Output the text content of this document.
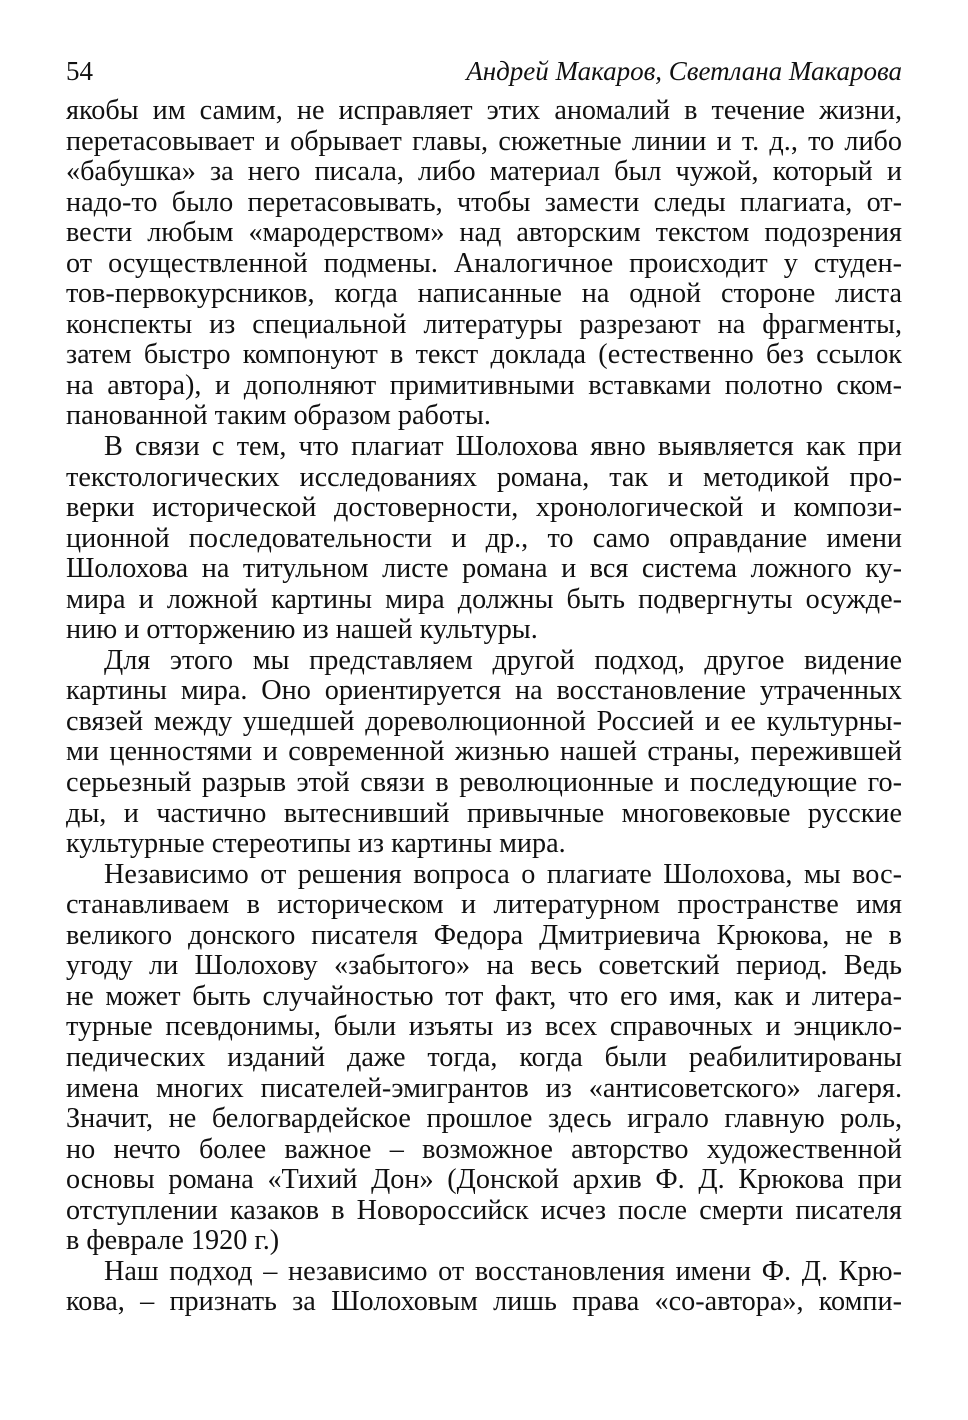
54	Андрей Макаров, Светлана Макарова
якобы им самим, не исправляет этих аномалий в течение жизни,
перетасовывает и обрывает главы, сюжетные линии и т. д., то либо
«бабушка» за него писала, либо материал был чужой, который и
надо-то было перетасовывать, чтобы замести следы плагиата, от-
вести любым «мародерством» над авторским текстом подозрения
от осуществленной подмены. Аналогичное происходит у студен-
тов-первокурсников, когда написанные на одной стороне листа
конспекты из специальной литературы разрезают на фрагменты,
затем быстро компонуют в текст доклада (естественно без ссылок
на автора), и дополняют примитивными вставками полотно ском-
панованной таким образом работы.
В связи с тем, что плагиат Шолохова явно выявляется как при
текстологических исследованиях романа, так и методикой про-
верки исторической достоверности, хронологической и компози-
ционной последовательности и др., то само оправдание имени
Шолохова на титульном листе романа и вся система ложного ку-
мира и ложной картины мира должны быть подвергнуты осужде-
нию и отторжению из нашей культуры.
Для этого мы представляем другой подход, другое видение
картины мира. Оно ориентируется на восстановление утраченных
связей между ушедшей дореволюционной Россией и ее культурны-
ми ценностями и современной жизнью нашей страны, пережившей
серьезный разрыв этой связи в революционные и последующие го-
ды, и частично вытеснивший привычные многовековые русские
культурные стереотипы из картины мира.
Независимо от решения вопроса о плагиате Шолохова, мы вос-
станавливаем в историческом и литературном пространстве имя
великого донского писателя Федора Дмитриевича Крюкова, не в
угоду ли Шолохову «забытого» на весь советский период. Ведь
не может быть случайностью тот факт, что его имя, как и литера-
турные псевдонимы, были изъяты из всех справочных и энцикло-
педических изданий даже тогда, когда были реабилитированы
имена многих писателей-эмигрантов из «антисоветского» лагеря.
Значит, не белогвардейское прошлое здесь играло главную роль,
но нечто более важное – возможное авторство художественной
основы романа «Тихий Дон» (Донской архив Ф. Д. Крюкова при
отступлении казаков в Новороссийск исчез после смерти писателя
в феврале 1920 г.)
Наш подход – независимо от восстановления имени Ф. Д. Крю-
кова, – признать за Шолоховым лишь права «со-автора», компи-
